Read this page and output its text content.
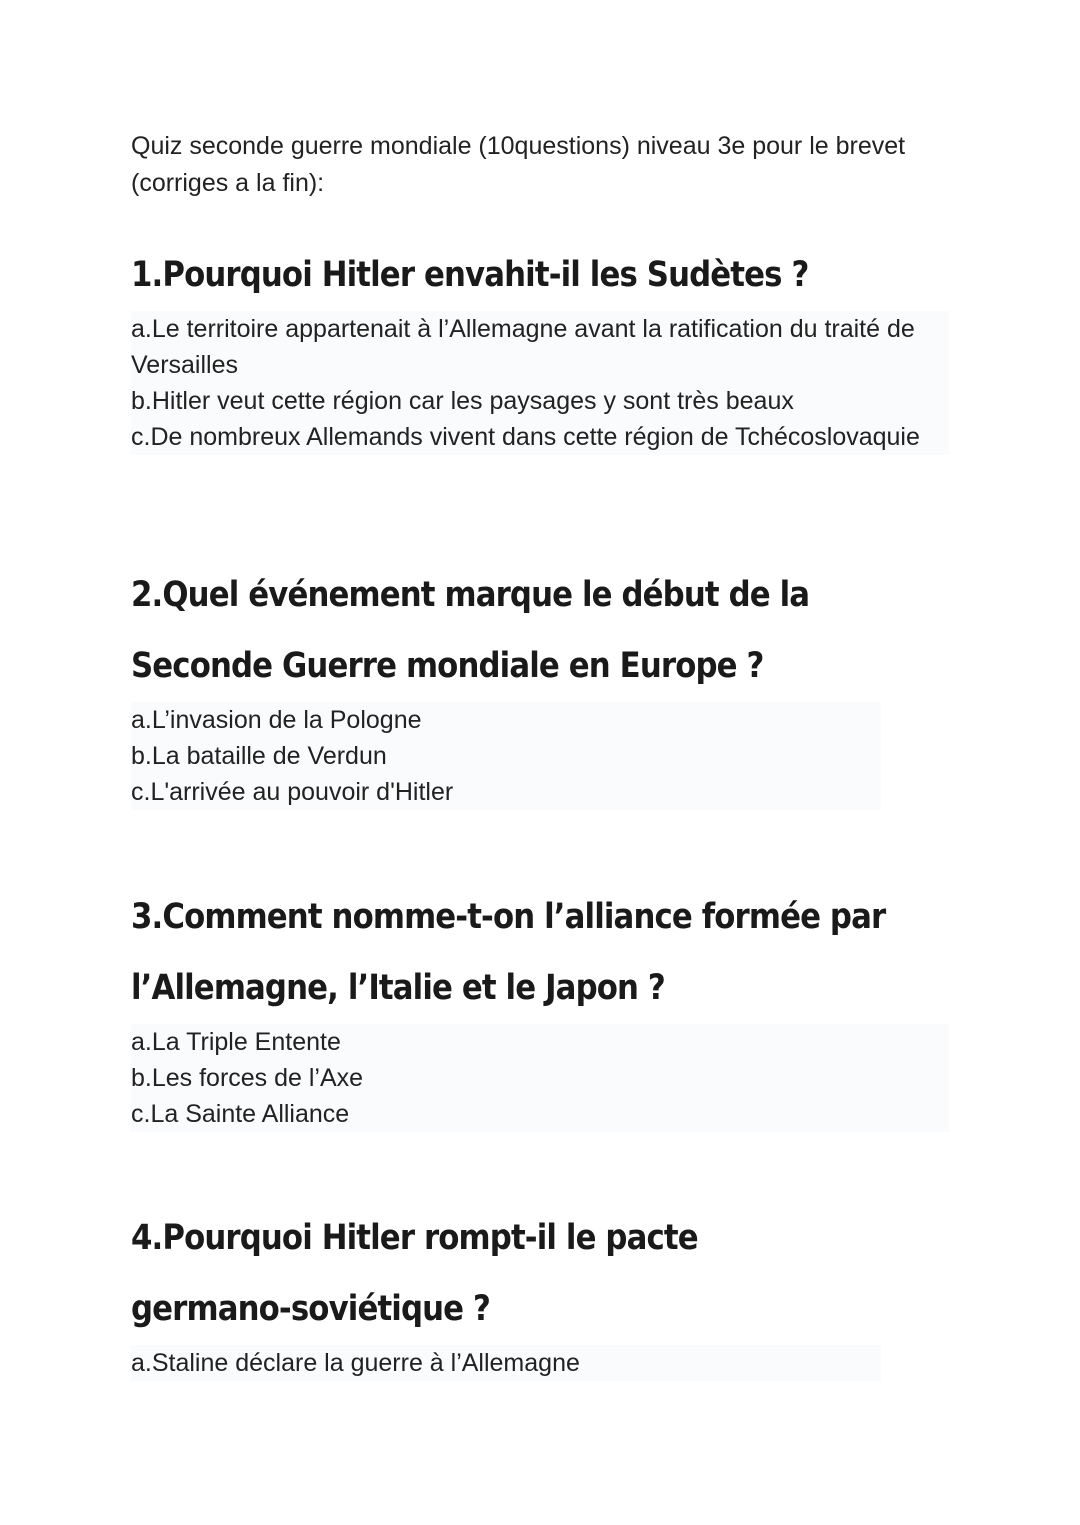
Quiz seconde guerre mondiale (10questions) niveau 3e pour le brevet (corriges a la fin):

1.Pourquoi Hitler envahit-il les Sudètes ?
a.Le territoire appartenait à l’Allemagne avant la ratification du traité de Versailles
b.Hitler veut cette région car les paysages y sont très beaux
c.De nombreux Allemands vivent dans cette région de Tchécoslovaquie
2.Quel événement marque le début de la
Seconde Guerre mondiale en Europe ?
a.L’invasion de la Pologne
b.La bataille de Verdun
c.L'arrivée au pouvoir d'Hitler
3.Comment nomme-t-on l’alliance formée par
l’Allemagne, l’Italie et le Japon ?
a.La Triple Entente
b.Les forces de l’Axe
c.La Sainte Alliance
4.Pourquoi Hitler rompt-il le pacte
germano-soviétique ?
a.Staline déclare la guerre à l’Allemagne
